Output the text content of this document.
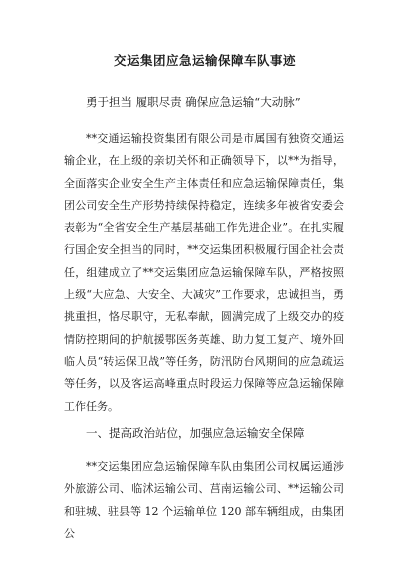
交运集团应急运输保障车队事迹
勇于担当 履职尽责 确保应急运输“大动脉”

**交通运输投资集团有限公司是市属国有独资交通运输企业，在上级的亲切关怀和正确领导下，以**为指导，全面落实企业安全生产主体责任和应急运输保障责任，集团公司安全生产形势持续保持稳定，连续多年被省安委会表彰为“全省安全生产基层基础工作先进企业”。在扎实履行国企安全担当的同时，**交运集团积极履行国企社会责任，组建成立了**交运集团应急运输保障车队，严格按照上级“大应急、大安全、大减灾”工作要求，忠诚担当，勇挑重担，恪尽职守，无私奉献，圆满完成了上级交办的疫情防控期间的护航援鄂医务英雄、助力复工复产、境外回临人员“转运保卫战”等任务，防汛防台风期间的应急疏运等任务，以及客运高峰重点时段运力保障等应急运输保障工作任务。

一、提高政治站位，加强应急运输安全保障

**交运集团应急运输保障车队由集团公司权属运通涉外旅游公司、临沭运输公司、莒南运输公司、**运输公司和驻城、驻县等 12 个运输单位 120 部车辆组成，由集团公
